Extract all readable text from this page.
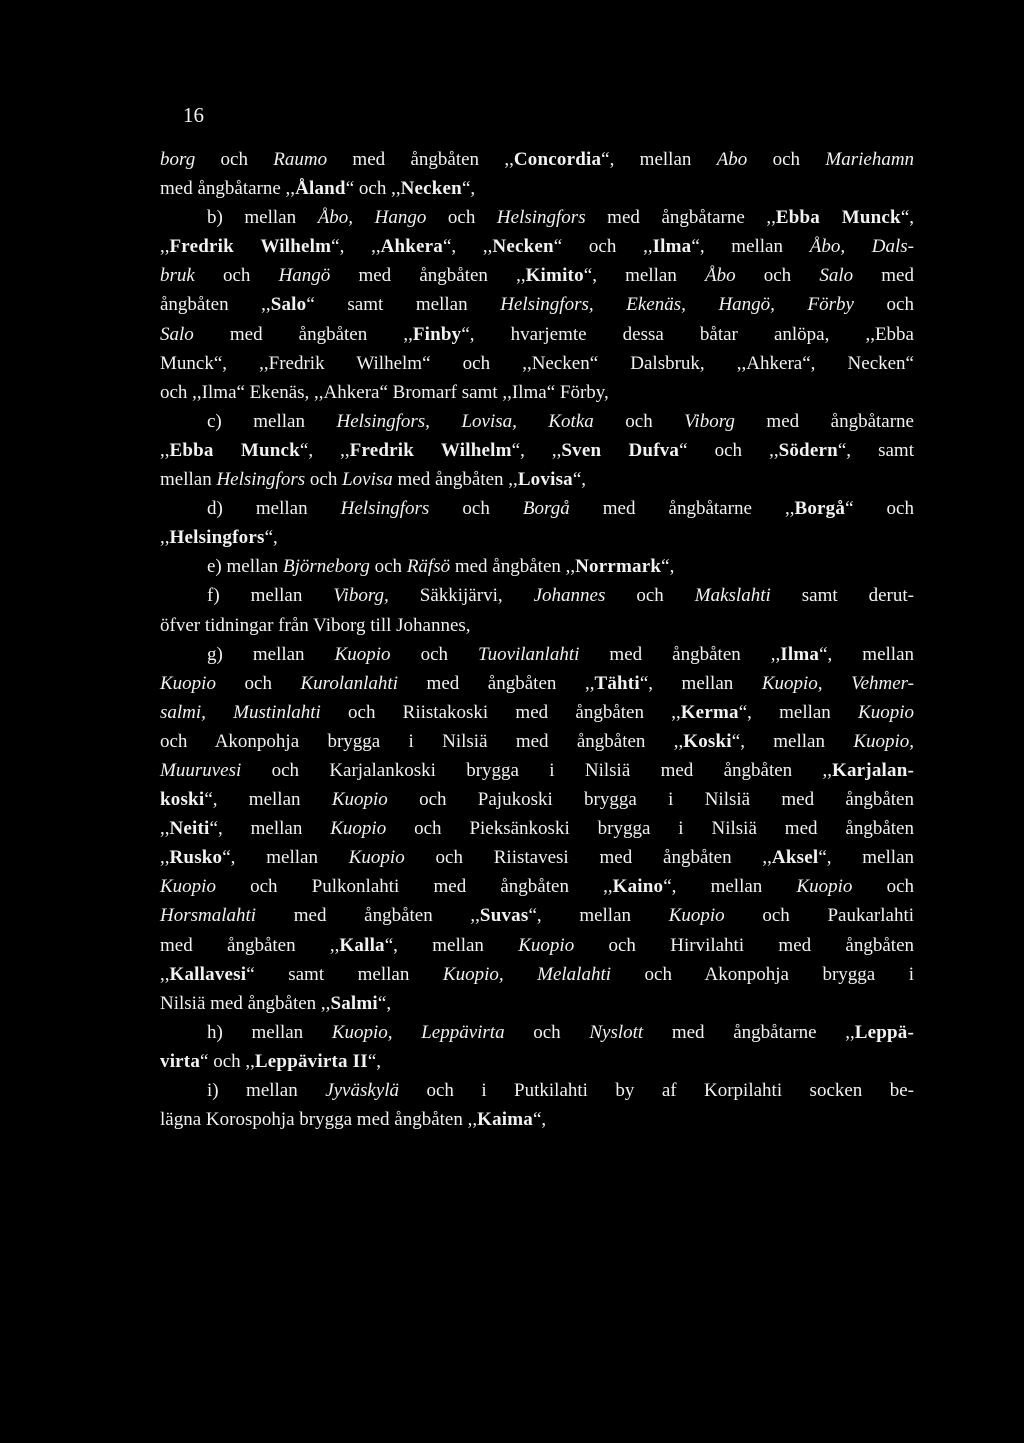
16
borg och Raumo med ångbåten ,,Concordia“, mellan Abo och Mariehamn
med ångbåtarne ,,Åland“ och ,,Necken“,
b) mellan Åbo, Hango och Helsingfors med ångbåtarne ,,Ebba Munck“,
,,Fredrik Wilhelm“, ,,Ahkera“, ,,Necken“ och ,,Ilma“, mellan Åbo, Dals-
bruk och Hangö med ångbåten ,,Kimito“, mellan Åbo och Salo med
ångbåten ,,Salo“ samt mellan Helsingfors, Ekenäs, Hangö, Förby och
Salo med ångbåten ,,Finby“, hvarjemte dessa båtar anlöpa, ,,Ebba
Munck“, ,,Fredrik Wilhelm“ och ,,Necken“ Dalsbruk, ,,Ahkera“, Necken“
och ,,Ilma“ Ekenäs, ,,Ahkera“ Bromarf samt ,,Ilma“ Förby,
c) mellan Helsingfors, Lovisa, Kotka och Viborg med ångbåtarne
,,Ebba Munck“, ,,Fredrik Wilhelm“, ,,Sven Dufva“ och ,,Södern“, samt
mellan Helsingfors och Lovisa med ångbåten ,,Lovisa“,
d) mellan Helsingfors och Borgå med ångbåtarne ,,Borgå“ och
,,Helsingfors“,
e) mellan Björneborg och Räfsö med ångbåten ,,Norrmark“,
f) mellan Viborg, Säkkijärvi, Johannes och Makslahti samt derut-
öfver tidningar från Viborg till Johannes,
g) mellan Kuopio och Tuovilanlahti med ångbåten ,,Ilma“, mellan
Kuopio och Kurolanlahti med ångbåten ,,Tähti“, mellan Kuopio, Vehmer-
salmi, Mustinlahti och Riistakoski med ångbåten ,,Kerma“, mellan Kuopio
och Akonpohja brygga i Nilsiä med ångbåten ,,Koski“, mellan Kuopio,
Muuruvesi och Karjalankoski brygga i Nilsiä med ångbåten ,,Karjalan-
koski“, mellan Kuopio och Pajukoski brygga i Nilsiä med ångbåten
,,Neiti“, mellan Kuopio och Pieksänkoski brygga i Nilsiä med ångbåten
,,Rusko“, mellan Kuopio och Riistavesi med ångbåten ,,Aksel“, mellan
Kuopio och Pulkonlahti med ångbåten ,,Kaino“, mellan Kuopio och
Horsmalahti med ångbåten ,,Suvas“, mellan Kuopio och Paukarlahti
med ångbåten ,,Kalla“, mellan Kuopio och Hirvilahti med ångbåten
,,Kallavesi“ samt mellan Kuopio, Melalahti och Akonpohja brygga i
Nilsiä med ångbåten ,,Salmi“,
h) mellan Kuopio, Leppävirta och Nyslott med ångbåtarne ,,Leppä-
virta“ och ,,Leppävirta II“,
i) mellan Jyväskylä och i Putkilahti by af Korpilahti socken be-
lägna Korospohja brygga med ångbåten ,,Kaima“,
